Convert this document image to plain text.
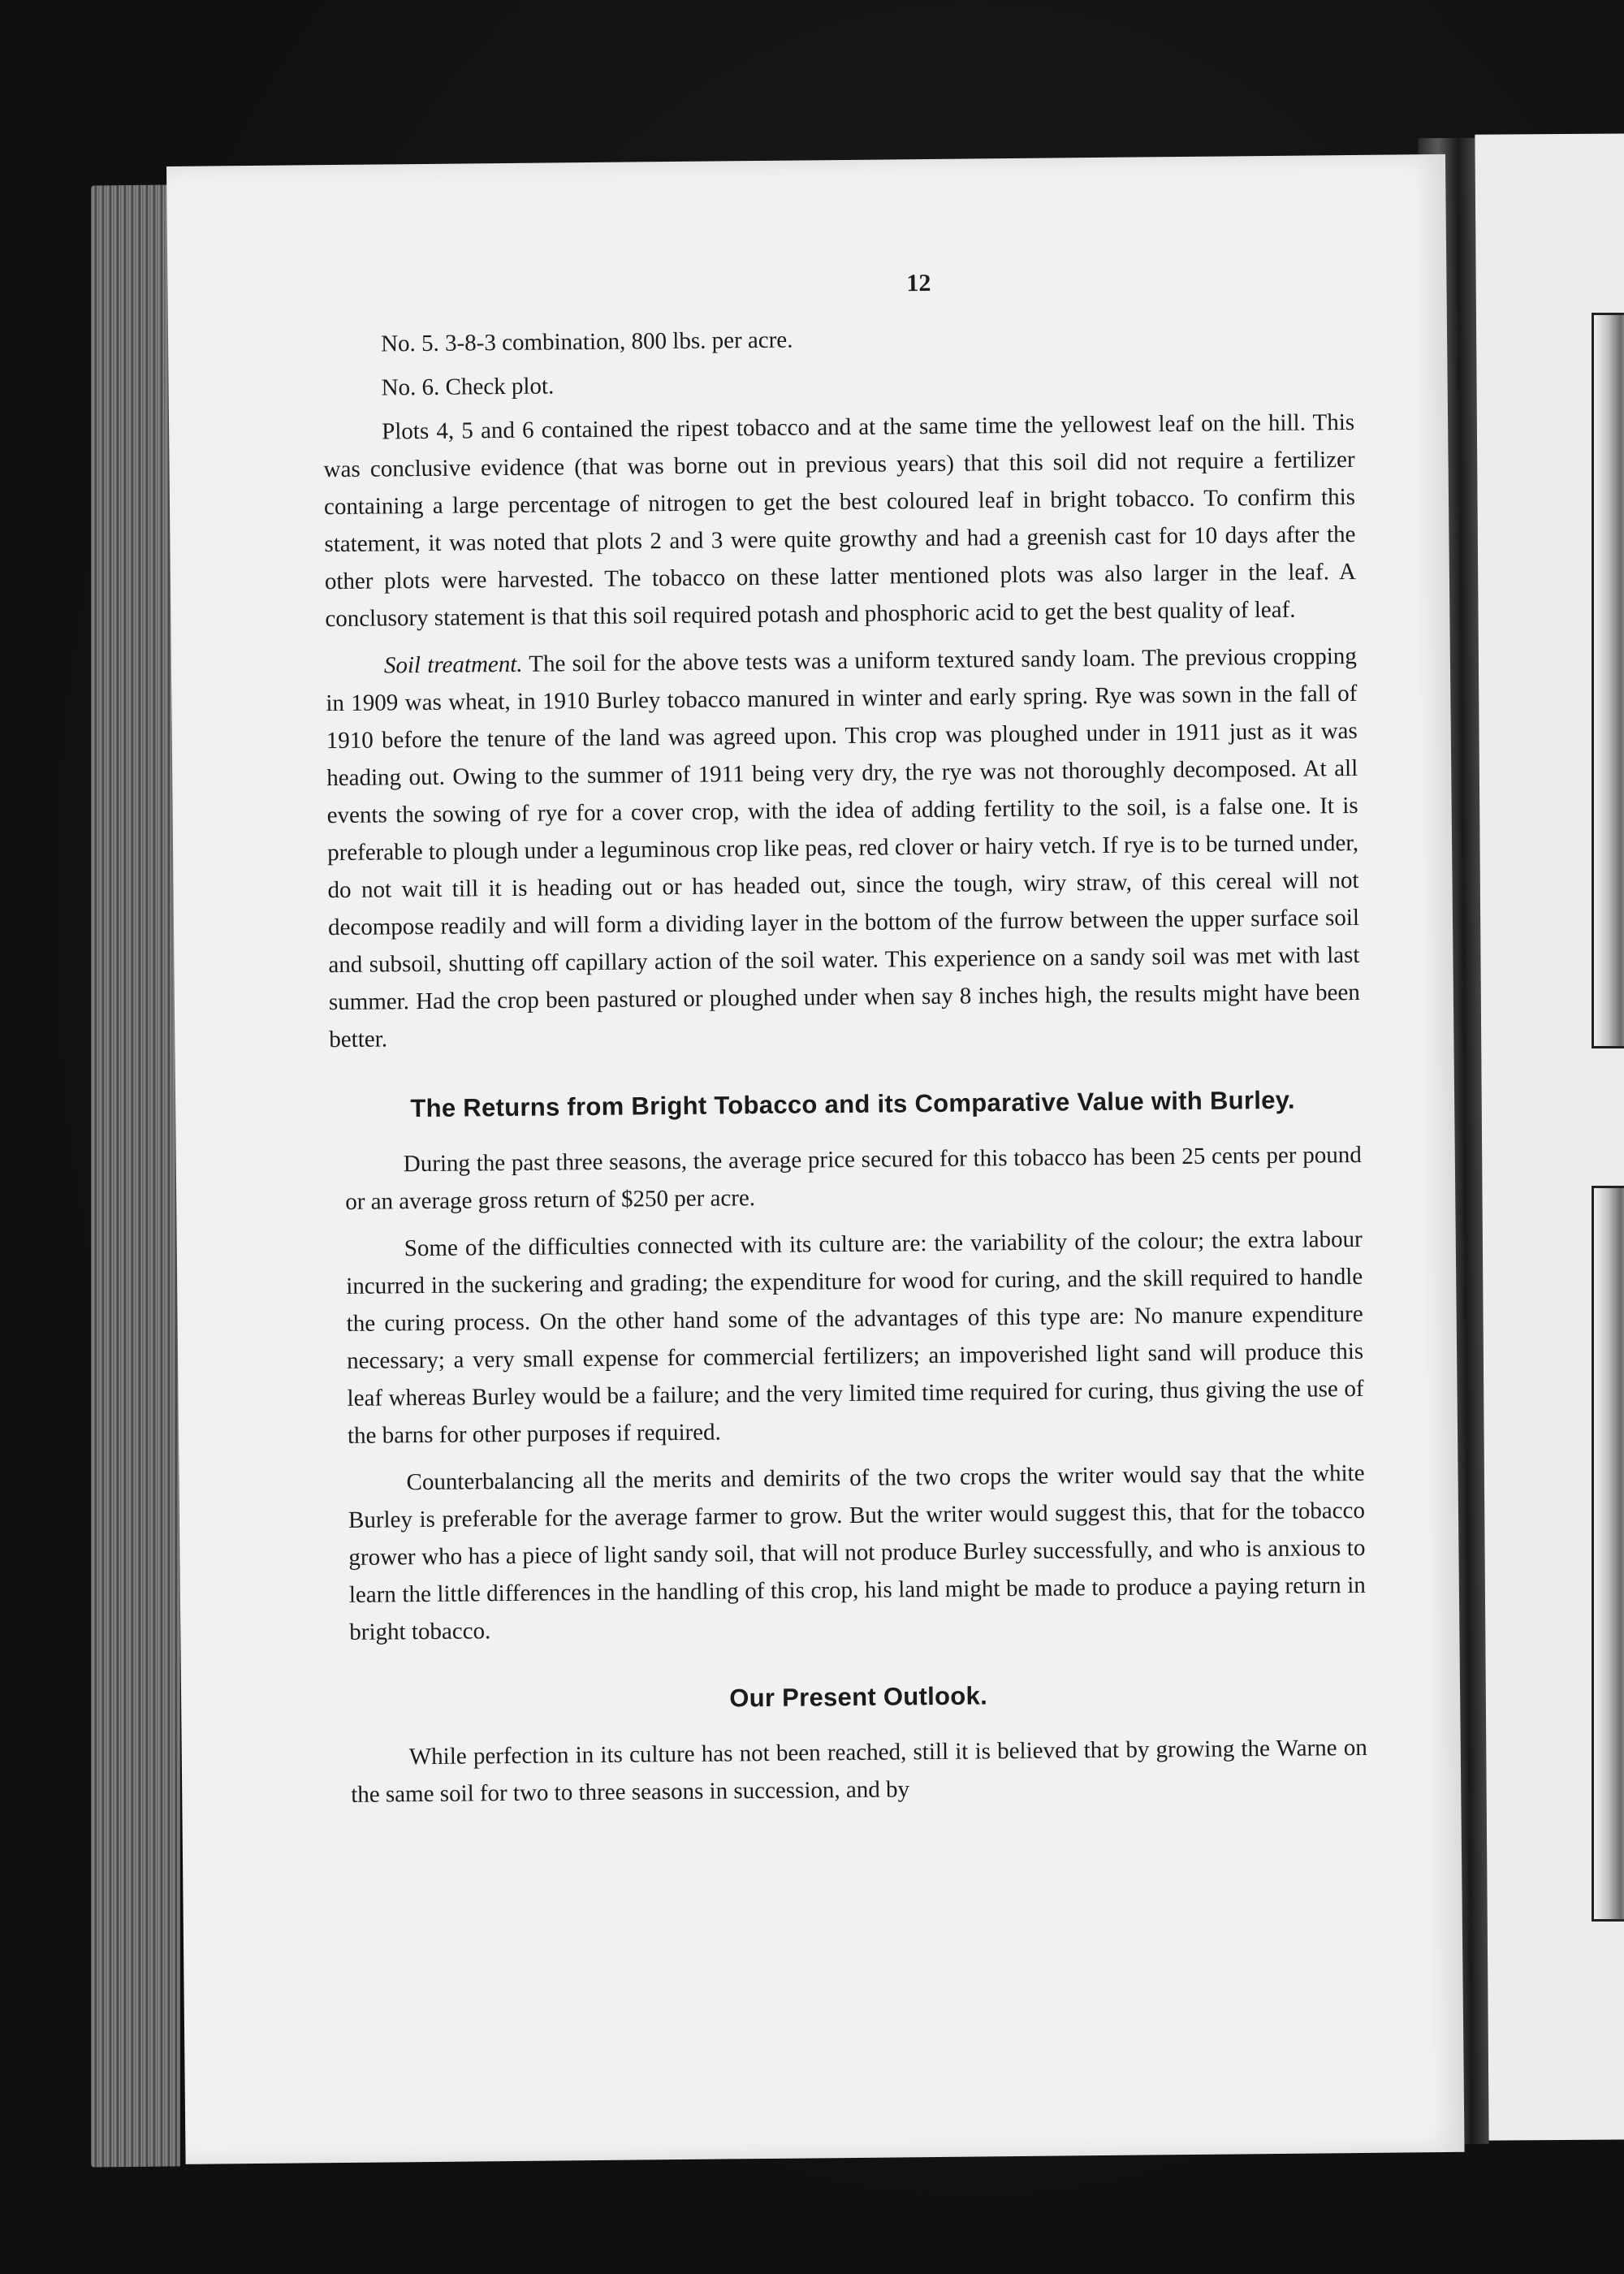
12
No. 5. 3-8-3 combination, 800 lbs. per acre.
No. 6. Check plot.

Plots 4, 5 and 6 contained the ripest tobacco and at the same time the yellowest leaf on the hill. This was conclusive evidence (that was borne out in previous years) that this soil did not require a fertilizer containing a large percentage of nitrogen to get the best coloured leaf in bright tobacco. To confirm this statement, it was noted that plots 2 and 3 were quite growthy and had a greenish cast for 10 days after the other plots were harvested. The tobacco on these latter mentioned plots was also larger in the leaf. A conclusory statement is that this soil required potash and phosphoric acid to get the best quality of leaf.

Soil treatment. The soil for the above tests was a uniform textured sandy loam. The previous cropping in 1909 was wheat, in 1910 Burley tobacco manured in winter and early spring. Rye was sown in the fall of 1910 before the tenure of the land was agreed upon. This crop was ploughed under in 1911 just as it was heading out. Owing to the summer of 1911 being very dry, the rye was not thoroughly decomposed. At all events the sowing of rye for a cover crop, with the idea of adding fertility to the soil, is a false one. It is preferable to plough under a leguminous crop like peas, red clover or hairy vetch. If rye is to be turned under, do not wait till it is heading out or has headed out, since the tough, wiry straw, of this cereal will not decompose readily and will form a dividing layer in the bottom of the furrow between the upper surface soil and subsoil, shutting off capillary action of the soil water. This experience on a sandy soil was met with last summer. Had the crop been pastured or ploughed under when say 8 inches high, the results might have been better.

The Returns from Bright Tobacco and its Comparative Value with Burley.

During the past three seasons, the average price secured for this tobacco has been 25 cents per pound or an average gross return of $250 per acre.

Some of the difficulties connected with its culture are: the variability of the colour; the extra labour incurred in the suckering and grading; the expenditure for wood for curing, and the skill required to handle the curing process. On the other hand some of the advantages of this type are: No manure expenditure necessary; a very small expense for commercial fertilizers; an impoverished light sand will produce this leaf whereas Burley would be a failure; and the very limited time required for curing, thus giving the use of the barns for other purposes if required.

Counterbalancing all the merits and demirits of the two crops the writer would say that the white Burley is preferable for the average farmer to grow. But the writer would suggest this, that for the tobacco grower who has a piece of light sandy soil, that will not produce Burley successfully, and who is anxious to learn the little differences in the handling of this crop, his land might be made to produce a paying return in bright tobacco.

Our Present Outlook.

While perfection in its culture has not been reached, still it is believed that by growing the Warne on the same soil for two to three seasons in succession, and by
